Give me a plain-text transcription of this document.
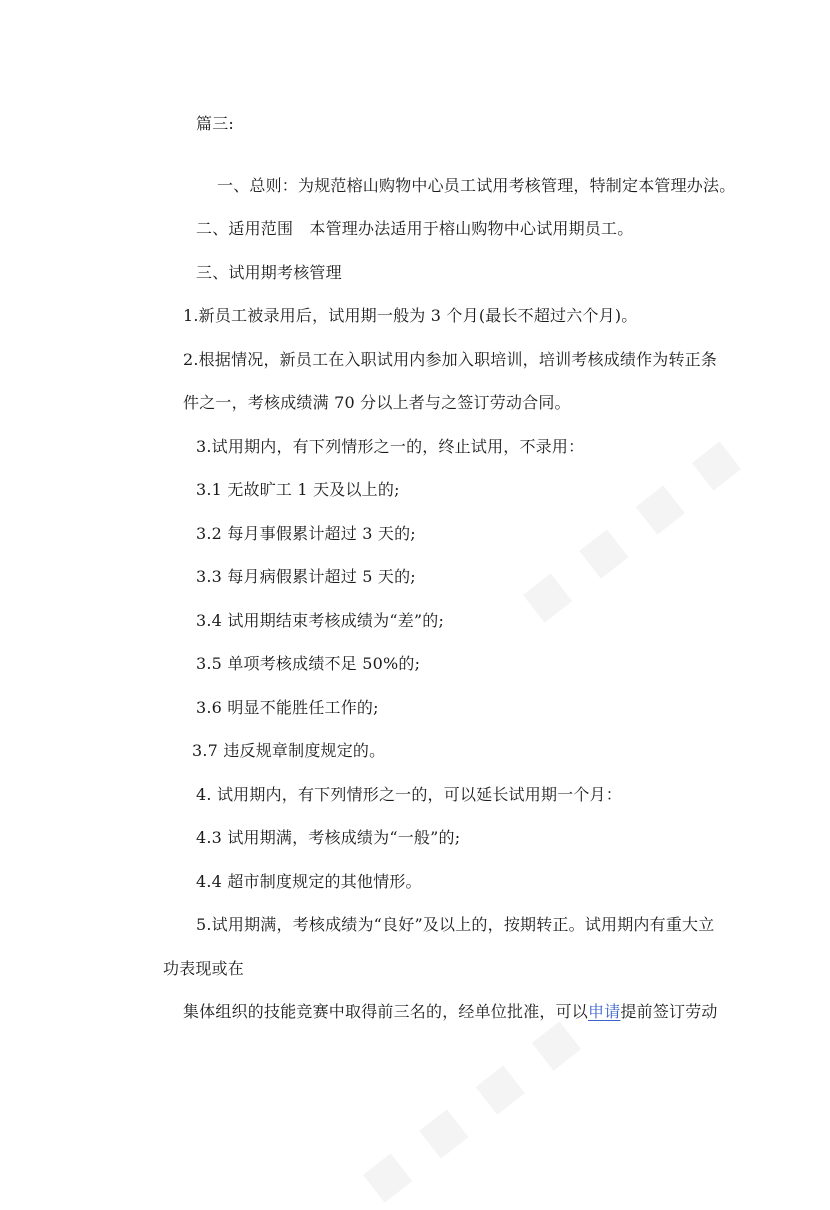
篇三:

一、总则：为规范榕山购物中心员工试用考核管理，特制定本管理办法。

二、适用范围　本管理办法适用于榕山购物中心试用期员工。

三、试用期考核管理

1.新员工被录用后，试用期一般为 3 个月(最长不超过六个月)。

2.根据情况，新员工在入职试用内参加入职培训，培训考核成绩作为转正条

件之一，考核成绩满 70 分以上者与之签订劳动合同。

3.试用期内，有下列情形之一的，终止试用，不录用：

3.1 无故旷工 1 天及以上的;

3.2 每月事假累计超过 3 天的;

3.3 每月病假累计超过 5 天的;

3.4 试用期结束考核成绩为“差”的;

3.5 单项考核成绩不足 50%的;

3.6 明显不能胜任工作的;

3.7 违反规章制度规定的。

4. 试用期内，有下列情形之一的，可以延长试用期一个月：

4.3 试用期满，考核成绩为“一般”的;

4.4 超市制度规定的其他情形。

5.试用期满，考核成绩为“良好”及以上的，按期转正。试用期内有重大立

功表现或在

集体组织的技能竞赛中取得前三名的，经单位批准，可以申请提前签订劳动
